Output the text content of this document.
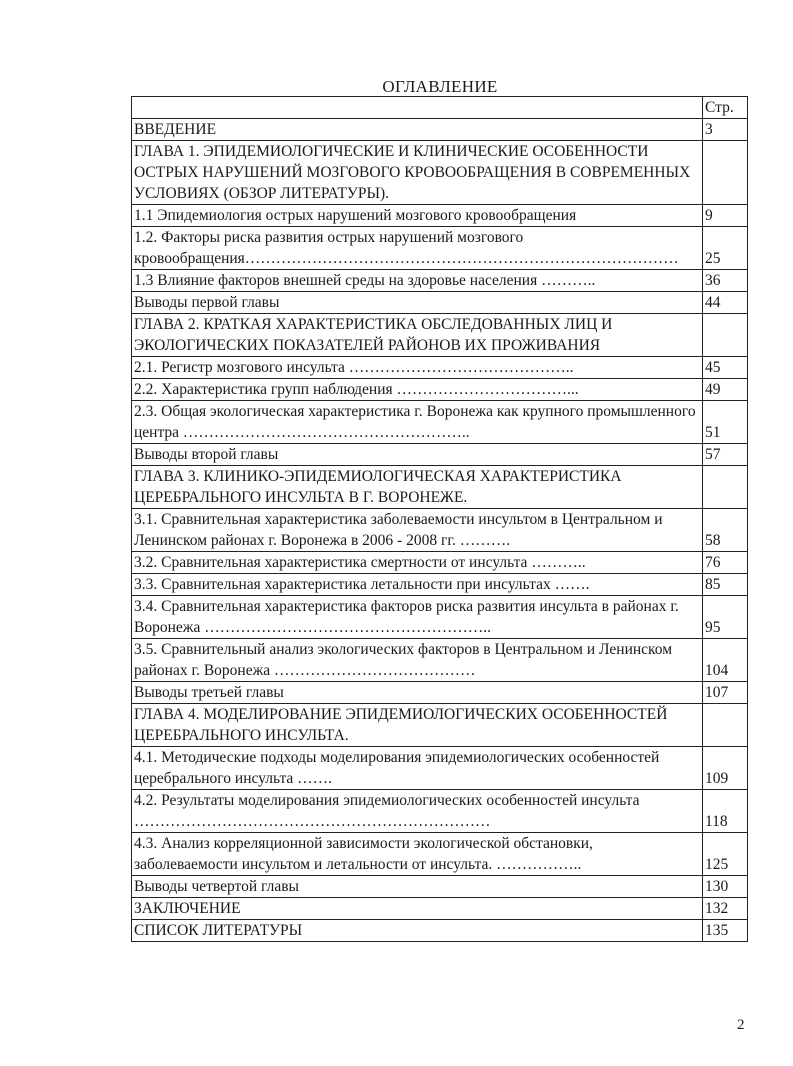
ОГЛАВЛЕНИЕ
	Стр.
ВВЕДЕНИЕ	3
ГЛАВА 1. ЭПИДЕМИОЛОГИЧЕСКИЕ И КЛИНИЧЕСКИЕ ОСОБЕННОСТИ ОСТРЫХ НАРУШЕНИЙ МОЗГОВОГО КРОВООБРАЩЕНИЯ В СОВРЕМЕННЫХ УСЛОВИЯХ (ОБЗОР ЛИТЕРАТУРЫ).	
1.1 Эпидемиология острых нарушений мозгового кровообращения	9
1.2. Факторы риска развития острых нарушений мозгового кровообращения…………………………………………………………………………	25
1.3 Влияние факторов внешней среды на здоровье населения ………..	36
Выводы первой главы	44
ГЛАВА 2. КРАТКАЯ ХАРАКТЕРИСТИКА ОБСЛЕДОВАННЫХ ЛИЦ И ЭКОЛОГИЧЕСКИХ ПОКАЗАТЕЛЕЙ РАЙОНОВ ИХ ПРОЖИВАНИЯ	
2.1. Регистр мозгового инсульта ……………………………………..	45
2.2. Характеристика групп наблюдения ……………………………...	49
2.3. Общая экологическая характеристика г. Воронежа как крупного промышленного центра ………………………………………………..	51
Выводы второй главы	57
ГЛАВА 3. КЛИНИКО-ЭПИДЕМИОЛОГИЧЕСКАЯ ХАРАКТЕРИСТИКА ЦЕРЕБРАЛЬНОГО ИНСУЛЬТА В Г. ВОРОНЕЖЕ.	
3.1. Сравнительная характеристика заболеваемости инсультом в Центральном и Ленинском районах г. Воронежа в 2006 - 2008 гг. ……….	58
3.2. Сравнительная характеристика смертности от инсульта ………..	76
3.3. Сравнительная характеристика летальности при инсультах …….	85
3.4. Сравнительная характеристика факторов риска развития инсульта в районах г. Воронежа ………………………………………………..	95
3.5. Сравнительный анализ экологических факторов в Центральном и Ленинском районах г. Воронежа …………………………………	104
Выводы третьей главы	107
ГЛАВА 4. МОДЕЛИРОВАНИЕ ЭПИДЕМИОЛОГИЧЕСКИХ ОСОБЕННОСТЕЙ ЦЕРЕБРАЛЬНОГО ИНСУЛЬТА.	
4.1. Методические подходы моделирования эпидемиологических особенностей церебрального инсульта …….	109
4.2. Результаты моделирования эпидемиологических особенностей инсульта ……………………………………………………………	118
4.3. Анализ корреляционной зависимости экологической обстановки, заболеваемости инсультом и летальности от инсульта. ……………..	125
Выводы четвертой главы	130
ЗАКЛЮЧЕНИЕ	132
СПИСОК ЛИТЕРАТУРЫ	135
2
